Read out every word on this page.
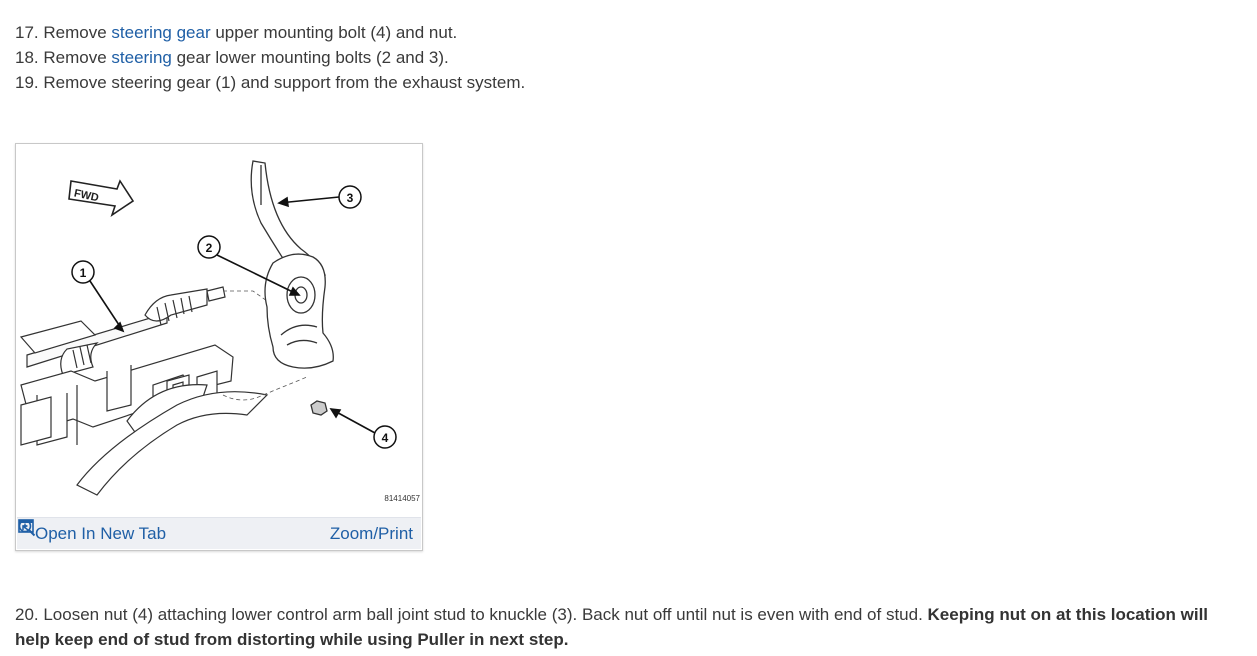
17. Remove steering gear upper mounting bolt (4) and nut.

18. Remove steering gear lower mounting bolts (2 and 3).

19. Remove steering gear (1) and support from the exhaust system.

FWD
1
2
3
4
81414057
Open In New Tab	Zoom/Print

20. Loosen nut (4) attaching lower control arm ball joint stud to knuckle (3). Back nut off until nut is even with end of stud. Keeping nut on at this location will help keep end of stud from distorting while using Puller in next step.
